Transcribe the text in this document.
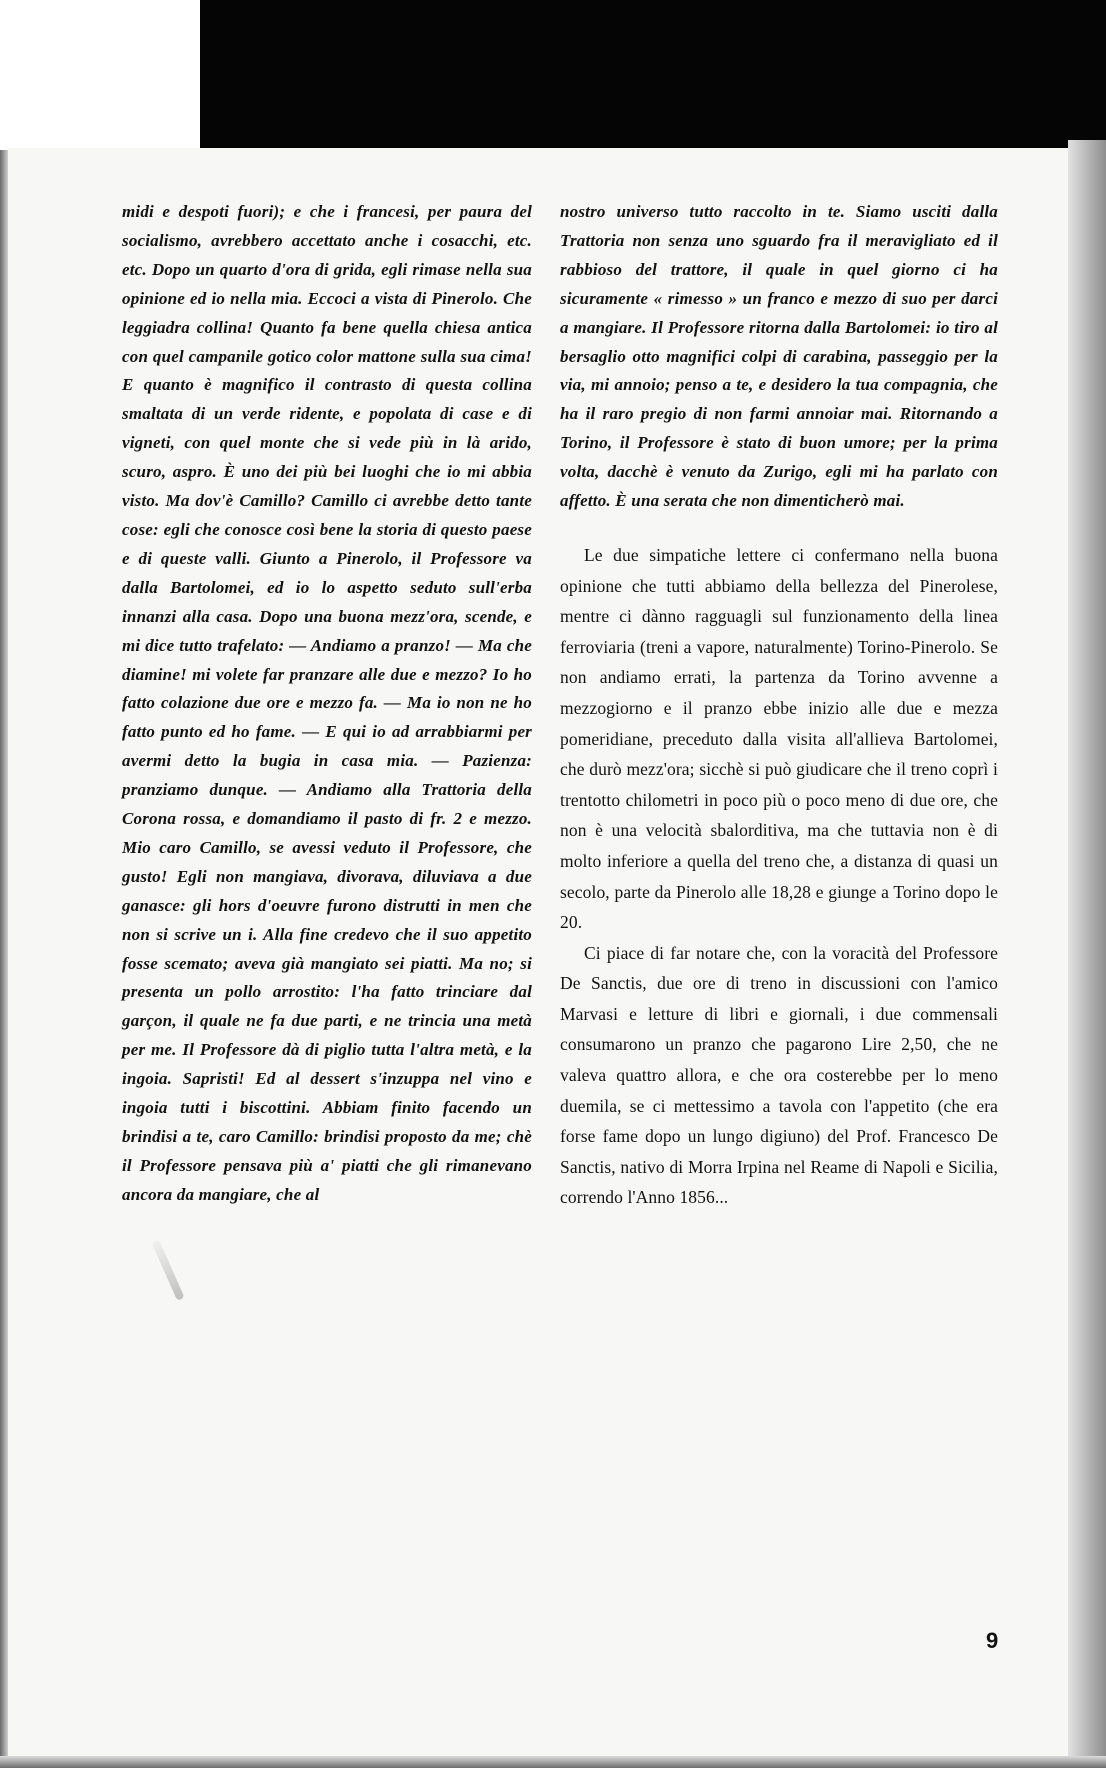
midi e despoti fuori); e che i francesi, per paura del socialismo, avrebbero accettato anche i cosacchi, etc. etc. Dopo un quarto d'ora di grida, egli rimase nella sua opinione ed io nella mia. Eccoci a vista di Pinerolo. Che leggiadra collina! Quanto fa bene quella chiesa antica con quel campanile gotico color mattone sulla sua cima! E quanto è magnifico il contrasto di questa collina smaltata di un verde ridente, e popolata di case e di vigneti, con quel monte che si vede più in là arido, scuro, aspro. È uno dei più bei luoghi che io mi abbia visto. Ma dov'è Camillo? Camillo ci avrebbe detto tante cose: egli che conosce così bene la storia di questo paese e di queste valli. Giunto a Pinerolo, il Professore va dalla Bartolomei, ed io lo aspetto seduto sull'erba innanzi alla casa. Dopo una buona mezz'ora, scende, e mi dice tutto trafelato: — Andiamo a pranzo! — Ma che diamine! mi volete far pranzare alle due e mezzo? Io ho fatto colazione due ore e mezzo fa. — Ma io non ne ho fatto punto ed ho fame. — E qui io ad arrabbiarmi per avermi detto la bugia in casa mia. — Pazienza: pranziamo dunque. — Andiamo alla Trattoria della Corona rossa, e domandiamo il pasto di fr. 2 e mezzo. Mio caro Camillo, se avessi veduto il Professore, che gusto! Egli non mangiava, divorava, diluviava a due ganasce: gli hors d'oeuvre furono distrutti in men che non si scrive un i. Alla fine credevo che il suo appetito fosse scemato; aveva già mangiato sei piatti. Ma no; si presenta un pollo arrostito: l'ha fatto trinciare dal garçon, il quale ne fa due parti, e ne trincia una metà per me. Il Professore dà di piglio tutta l'altra metà, e la ingoia. Sapristi! Ed al dessert s'inzuppa nel vino e ingoia tutti i biscottini. Abbiam finito facendo un brindisi a te, caro Camillo: brindisi proposto da me; chè il Professore pensava più a' piatti che gli rimanevano ancora da mangiare, che al

nostro universo tutto raccolto in te. Siamo usciti dalla Trattoria non senza uno sguardo fra il meravigliato ed il rabbioso del trattore, il quale in quel giorno ci ha sicuramente « rimesso » un franco e mezzo di suo per darci a mangiare. Il Professore ritorna dalla Bartolomei: io tiro al bersaglio otto magnifici colpi di carabina, passeggio per la via, mi annoio; penso a te, e desidero la tua compagnia, che ha il raro pregio di non farmi annoiar mai. Ritornando a Torino, il Professore è stato di buon umore; per la prima volta, dacchè è venuto da Zurigo, egli mi ha parlato con affetto. È una serata che non dimenticherò mai.

Le due simpatiche lettere ci confermano nella buona opinione che tutti abbiamo della bellezza del Pinerolese, mentre ci dànno ragguagli sul funzionamento della linea ferroviaria (treni a vapore, naturalmente) Torino-Pinerolo. Se non andiamo errati, la partenza da Torino avvenne a mezzogiorno e il pranzo ebbe inizio alle due e mezza pomeridiane, preceduto dalla visita all'allieva Bartolomei, che durò mezz'ora; sicchè si può giudicare che il treno coprì i trentotto chilometri in poco più o poco meno di due ore, che non è una velocità sbalorditiva, ma che tuttavia non è di molto inferiore a quella del treno che, a distanza di quasi un secolo, parte da Pinerolo alle 18,28 e giunge a Torino dopo le 20.

Ci piace di far notare che, con la voracità del Professore De Sanctis, due ore di treno in discussioni con l'amico Marvasi e letture di libri e giornali, i due commensali consumarono un pranzo che pagarono Lire 2,50, che ne valeva quattro allora, e che ora costerebbe per lo meno duemila, se ci mettessimo a tavola con l'appetito (che era forse fame dopo un lungo digiuno) del Prof. Francesco De Sanctis, nativo di Morra Irpina nel Reame di Napoli e Sicilia, correndo l'Anno 1856...

9
